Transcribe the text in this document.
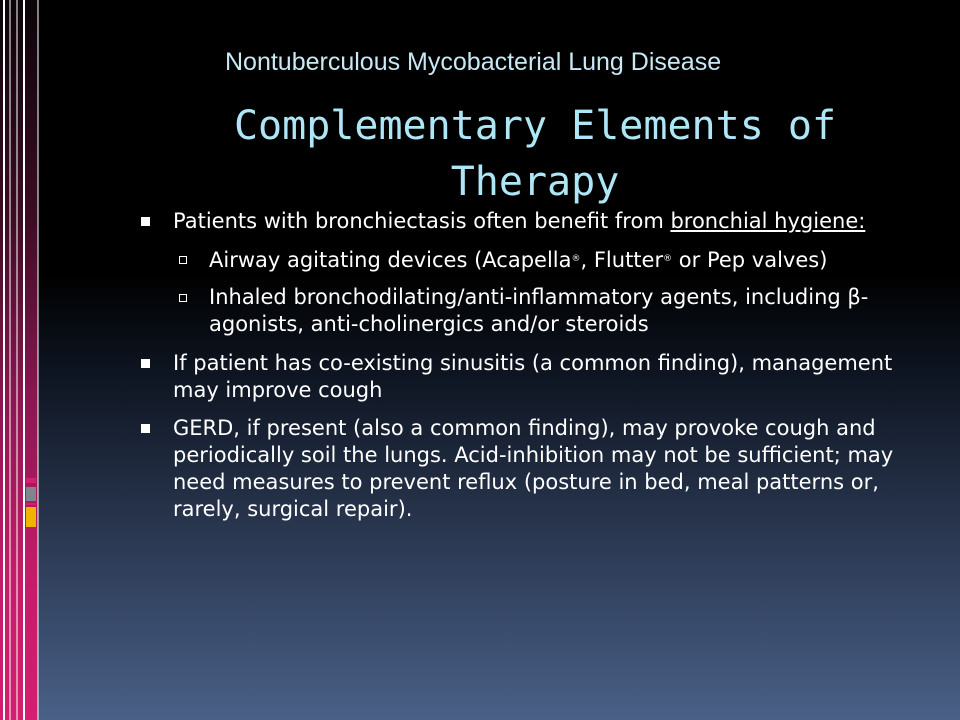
Nontuberculous Mycobacterial Lung Disease
Complementary Elements of Therapy
Patients with bronchiectasis often benefit from bronchial hygiene:
Airway agitating devices (Acapella®, Flutter® or Pep valves)
Inhaled bronchodilating/anti-inflammatory agents, including β-agonists, anti-cholinergics and/or steroids
If patient has co-existing sinusitis (a common finding), management may improve cough
GERD, if present (also a common finding), may provoke cough and periodically soil the lungs. Acid-inhibition may not be sufficient; may need measures to prevent reflux (posture in bed, meal patterns or, rarely, surgical repair).
